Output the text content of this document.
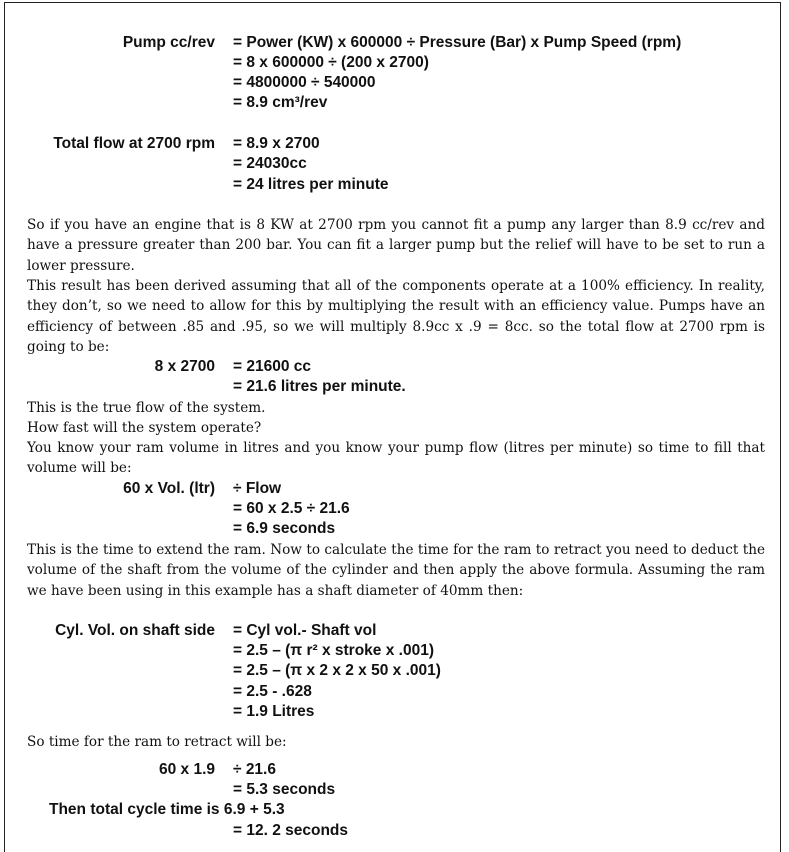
Pump cc/rev = Power (KW) x 600000 ÷ Pressure (Bar) x Pump Speed (rpm)
= 8 x 600000 ÷ (200 x 2700)
= 4800000 ÷ 540000
= 8.9 cm³/rev
Total flow at 2700 rpm = 8.9 x 2700
= 24030cc
= 24 litres per minute
So if you have an engine that is 8 KW at 2700 rpm you cannot fit a pump any larger than 8.9 cc/rev and have a pressure greater than 200 bar. You can fit a larger pump but the relief will have to be set to run a lower pressure.
This result has been derived assuming that all of the components operate at a 100% efficiency. In reality, they don’t, so we need to allow for this by multiplying the result with an efficiency value. Pumps have an efficiency of between .85 and .95, so we will multiply 8.9cc x .9 = 8cc. so the total flow at 2700 rpm is going to be:
8 x 2700 = 21600 cc
= 21.6 litres per minute.
This is the true flow of the system.
How fast will the system operate?
You know your ram volume in litres and you know your pump flow (litres per minute) so time to fill that volume will be:
60 x Vol. (ltr) ÷ Flow
= 60 x 2.5 ÷ 21.6
= 6.9 seconds
This is the time to extend the ram. Now to calculate the time for the ram to retract you need to deduct the volume of the shaft from the volume of the cylinder and then apply the above formula. Assuming the ram we have been using in this example has a shaft diameter of 40mm then:
Cyl. Vol. on shaft side = Cyl vol.- Shaft vol
= 2.5 – (π r² x stroke x .001)
= 2.5 – (π x 2 x 2 x 50 x .001)
= 2.5 - .628
= 1.9 Litres
So time for the ram to retract will be:
60 x 1.9 ÷ 21.6
= 5.3 seconds
Then total cycle time is 6.9 + 5.3
= 12. 2 seconds
